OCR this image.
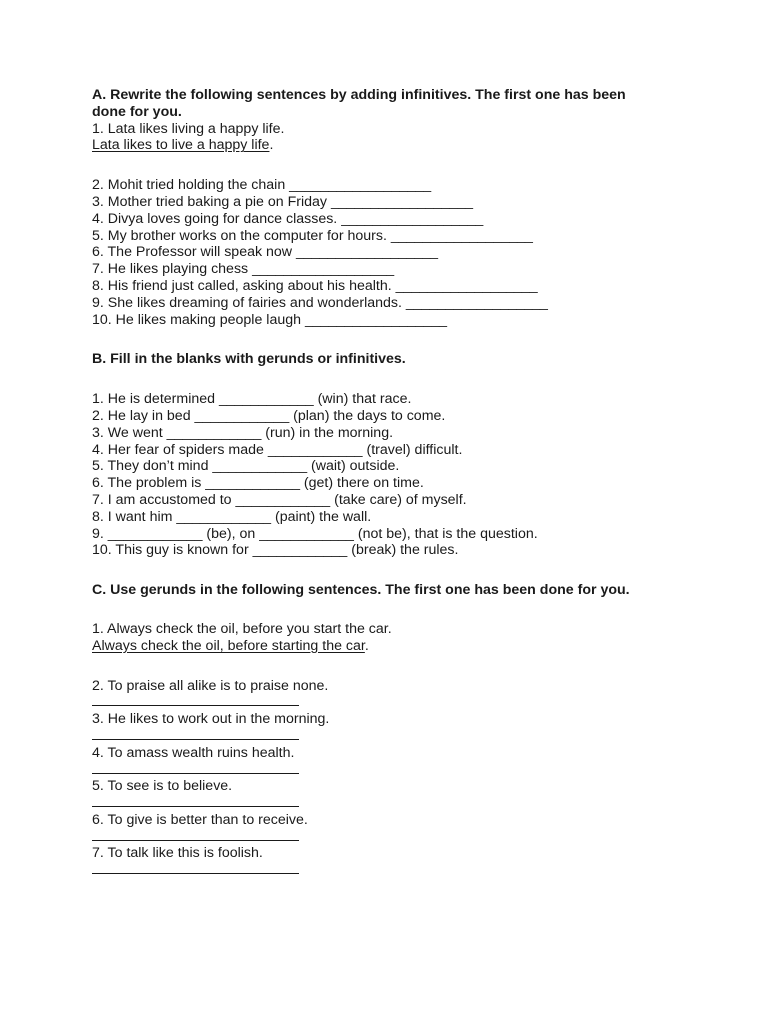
A. Rewrite the following sentences by adding infinitives. The first one has been done for you.

1. Lata likes living a happy life.

Lata likes to live a happy life.

2. Mohit tried holding the chain __________________

3. Mother tried baking a pie on Friday __________________

4. Divya loves going for dance classes. __________________

5. My brother works on the computer for hours. __________________

6. The Professor will speak now __________________

7. He likes playing chess __________________

8. His friend just called, asking about his health. __________________

9. She likes dreaming of fairies and wonderlands. __________________

10. He likes making people laugh __________________

B. Fill in the blanks with gerunds or infinitives.

1. He is determined ____________ (win) that race.

2. He lay in bed ____________ (plan) the days to come.

3. We went ____________ (run) in the morning.

4. Her fear of spiders made ____________ (travel) difficult.

5. They don’t mind ____________ (wait) outside.

6. The problem is ____________ (get) there on time.

7. I am accustomed to ____________ (take care) of myself.

8. I want him ____________ (paint) the wall.

9. ____________ (be), on ____________ (not be), that is the question.

10. This guy is known for ____________ (break) the rules.

C. Use gerunds in the following sentences. The first one has been done for you.

1. Always check the oil, before you start the car.

Always check the oil, before starting the car.

2. To praise all alike is to praise none.

3. He likes to work out in the morning.

4. To amass wealth ruins health.

5. To see is to believe.

6. To give is better than to receive.

7. To talk like this is foolish.
